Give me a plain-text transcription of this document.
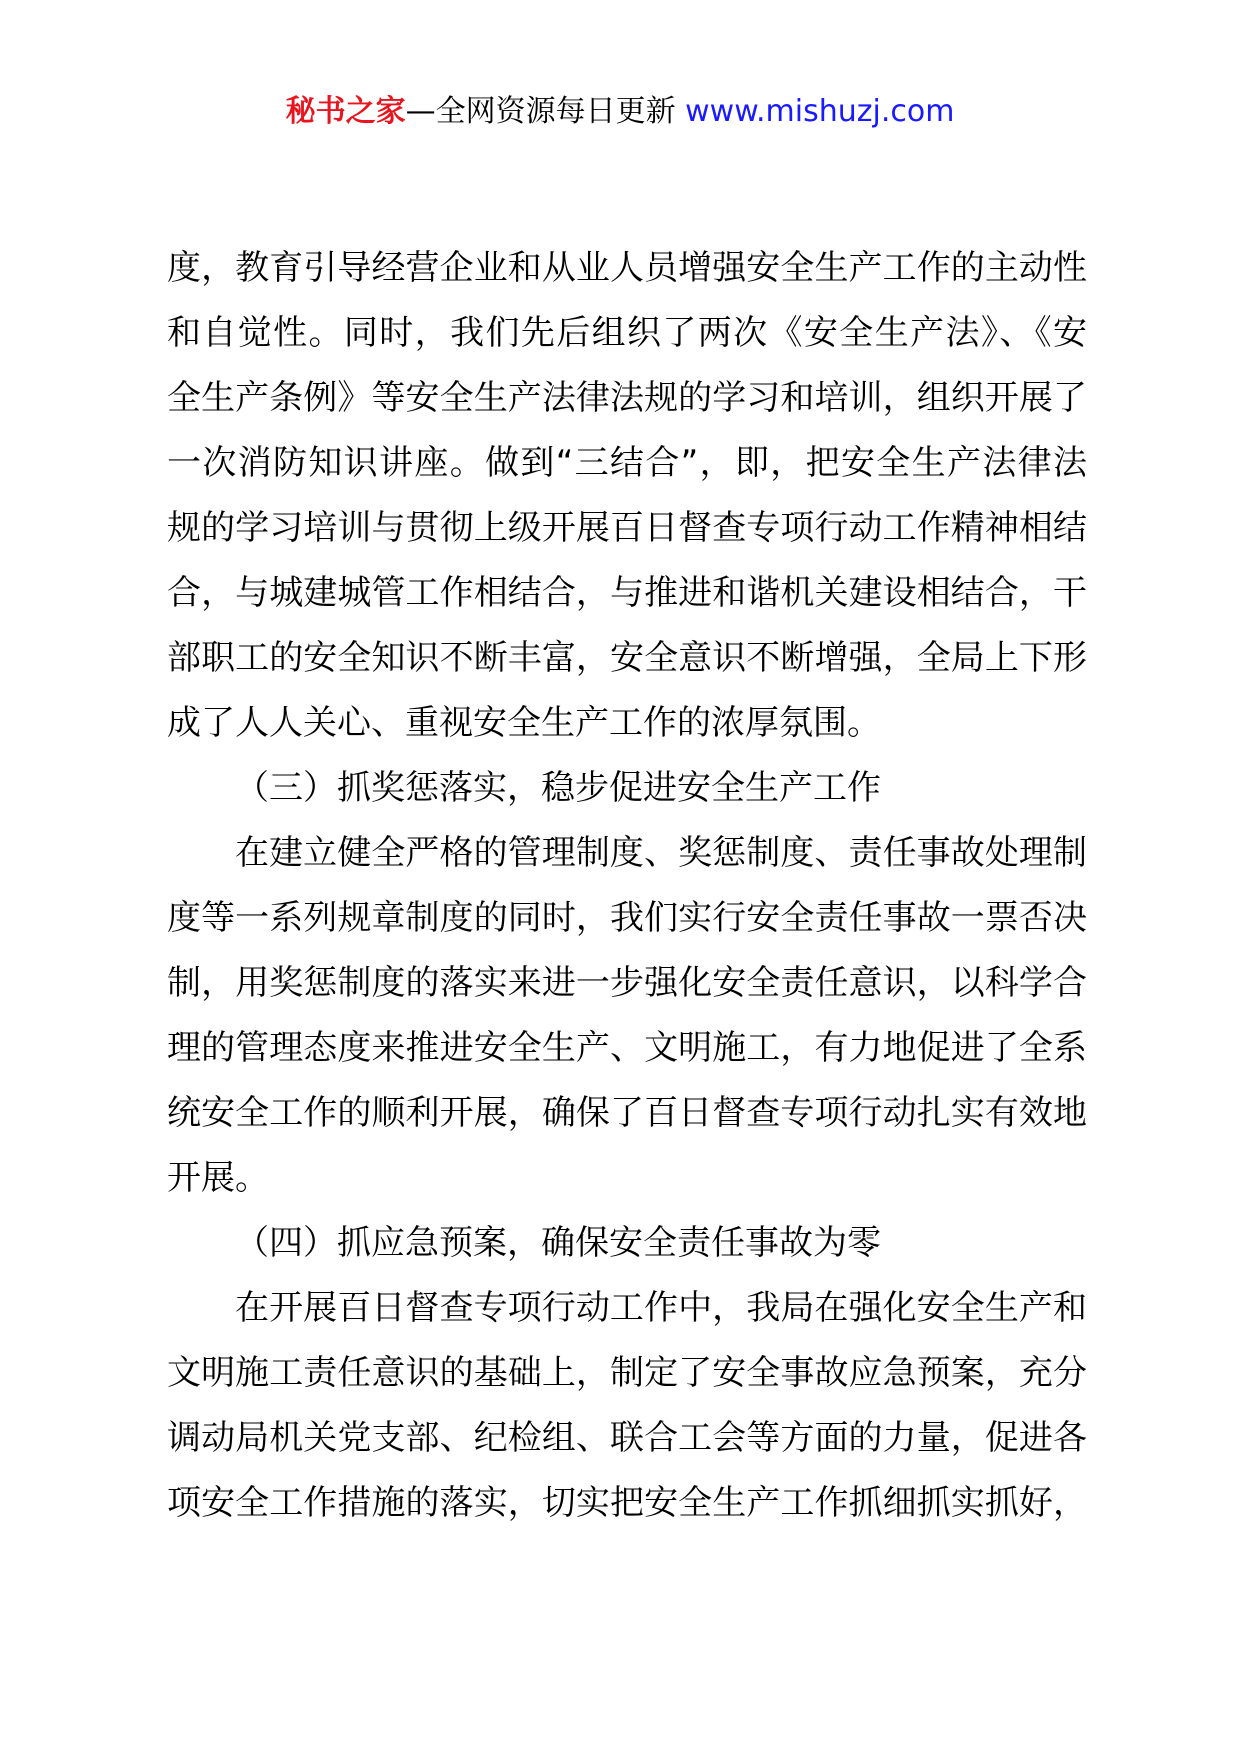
秘书之家—全网资源每日更新 www.mishuzj.com
度，教育引导经营企业和从业人员增强安全生产工作的主动性
和自觉性。同时，我们先后组织了两次《安全生产法》、《安
全生产条例》等安全生产法律法规的学习和培训，组织开展了
一次消防知识讲座。做到“三结合”，即，把安全生产法律法
规的学习培训与贯彻上级开展百日督查专项行动工作精神相结
合，与城建城管工作相结合，与推进和谐机关建设相结合，干
部职工的安全知识不断丰富，安全意识不断增强，全局上下形
成了人人关心、重视安全生产工作的浓厚氛围。
（三）抓奖惩落实，稳步促进安全生产工作
在建立健全严格的管理制度、奖惩制度、责任事故处理制
度等一系列规章制度的同时，我们实行安全责任事故一票否决
制，用奖惩制度的落实来进一步强化安全责任意识，以科学合
理的管理态度来推进安全生产、文明施工，有力地促进了全系
统安全工作的顺利开展，确保了百日督查专项行动扎实有效地
开展。
（四）抓应急预案，确保安全责任事故为零
在开展百日督查专项行动工作中，我局在强化安全生产和
文明施工责任意识的基础上，制定了安全事故应急预案，充分
调动局机关党支部、纪检组、联合工会等方面的力量，促进各
项安全工作措施的落实，切实把安全生产工作抓细抓实抓好，
